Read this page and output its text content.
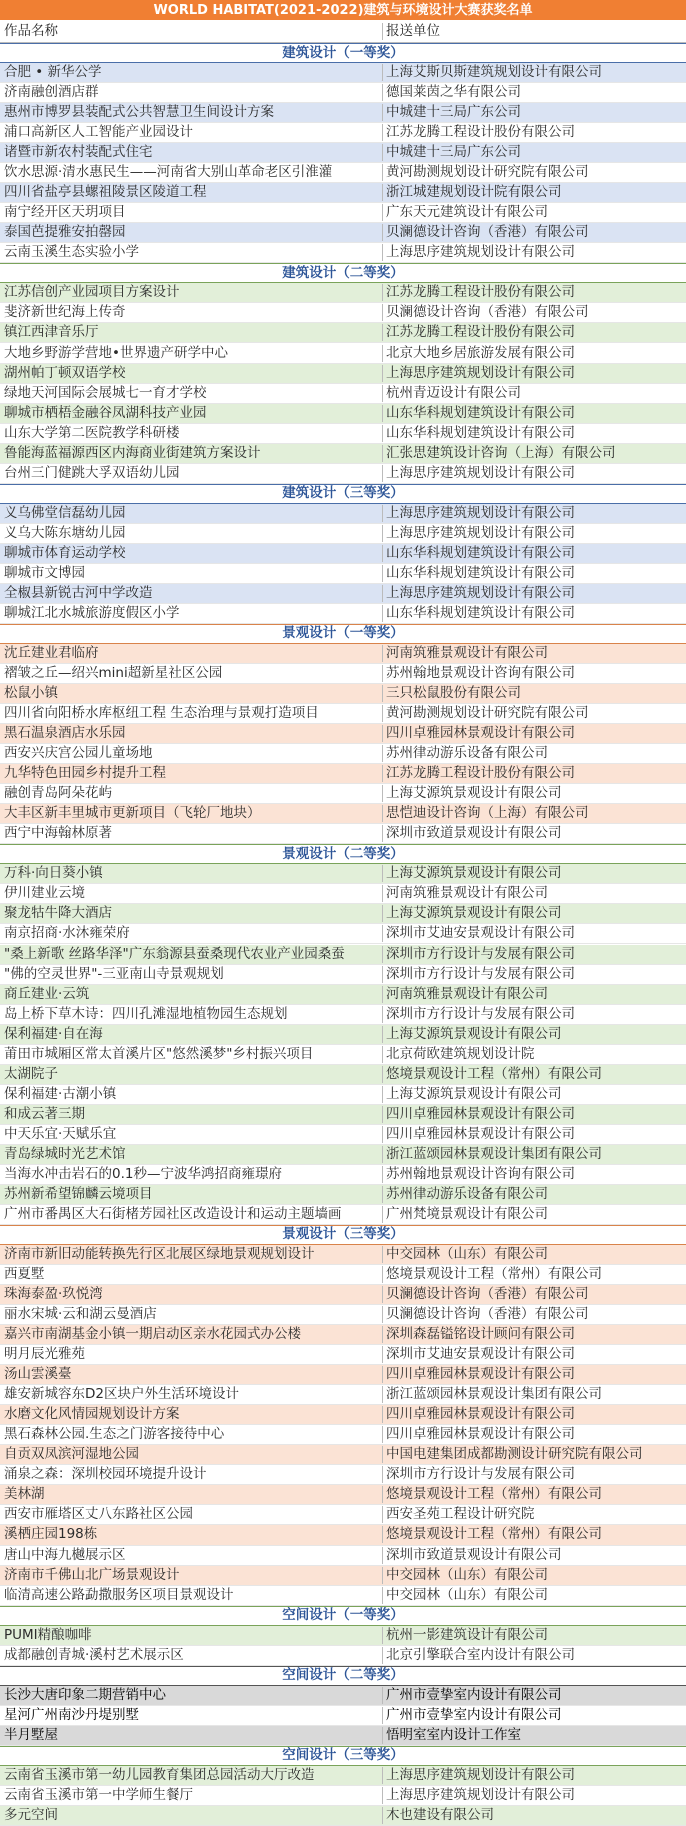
WORLD HABITAT(2021-2022)建筑与环境设计大赛获奖名单
作品名称	报送单位
建筑设计（一等奖）
合肥 • 新华公学	上海艾斯贝斯建筑规划设计有限公司
济南融创酒店群	德国莱茵之华有限公司
惠州市博罗县装配式公共智慧卫生间设计方案	中城建十三局广东公司
浦口高新区人工智能产业园设计	江苏龙腾工程设计股份有限公司
诸暨市新农村装配式住宅	中城建十三局广东公司
饮水思源·清水惠民生——河南省大别山革命老区引淮灌	黄河勘测规划设计研究院有限公司
四川省盐亭县螺祖陵景区陵道工程	浙江城建规划设计院有限公司
南宁经开区天玥项目	广东天元建筑设计有限公司
泰国芭提雅安拍罄园	贝澜德设计咨询（香港）有限公司
云南玉溪生态实验小学	上海思序建筑规划设计有限公司
建筑设计（二等奖）
江苏信创产业园项目方案设计	江苏龙腾工程设计股份有限公司
斐济新世纪海上传奇	贝澜德设计咨询（香港）有限公司
镇江西津音乐厅	江苏龙腾工程设计股份有限公司
大地乡野游学营地•世界遗产研学中心	北京大地乡居旅游发展有限公司
湖州帕丁顿双语学校	上海思序建筑规划设计有限公司
绿地天河国际会展城七一育才学校	杭州青迈设计有限公司
聊城市栖梧金融谷凤湖科技产业园	山东华科规划建筑设计有限公司
山东大学第二医院教学科研楼	山东华科规划建筑设计有限公司
鲁能海蓝福源西区内海商业街建筑方案设计	汇张思建筑设计咨询（上海）有限公司
台州三门健跳大孚双语幼儿园	上海思序建筑规划设计有限公司
建筑设计（三等奖）
义乌佛堂信磊幼儿园	上海思序建筑规划设计有限公司
义乌大陈东塘幼儿园	上海思序建筑规划设计有限公司
聊城市体育运动学校	山东华科规划建筑设计有限公司
聊城市文博园	山东华科规划建筑设计有限公司
全椒县新锐古河中学改造	上海思序建筑规划设计有限公司
聊城江北水城旅游度假区小学	山东华科规划建筑设计有限公司
景观设计（一等奖）
沈丘建业君临府	河南筑雅景观设计有限公司
褶皱之丘—绍兴mini超新星社区公园	苏州翰地景观设计咨询有限公司
松鼠小镇	三只松鼠股份有限公司
四川省向阳桥水库枢纽工程 生态治理与景观打造项目	黄河勘测规划设计研究院有限公司
黑石温泉酒店水乐园	四川卓雅园林景观设计有限公司
西安兴庆宫公园儿童场地	苏州律动游乐设备有限公司
九华特色田园乡村提升工程	江苏龙腾工程设计股份有限公司
融创青岛阿朵花屿	上海艾源筑景观设计有限公司
大丰区新丰里城市更新项目（飞轮厂地块）	思恺迪设计咨询（上海）有限公司
西宁中海翰林原著	深圳市致道景观设计有限公司
景观设计（二等奖）
万科·向日葵小镇	上海艾源筑景观设计有限公司
伊川建业云境	河南筑雅景观设计有限公司
聚龙牯牛降大酒店	上海艾源筑景观设计有限公司
南京招商·水沐雍荣府	深圳市艾迪安景观设计有限公司
"桑上新歌 丝路华泽"广东翁源县蚕桑现代农业产业园桑蚕	深圳市方行设计与发展有限公司
"佛的空灵世界"-三亚南山寺景观规划	深圳市方行设计与发展有限公司
商丘建业·云筑	河南筑雅景观设计有限公司
岛上桥下草木诗：四川孔滩湿地植物园生态规划	深圳市方行设计与发展有限公司
保利福建·自在海	上海艾源筑景观设计有限公司
莆田市城厢区常太首溪片区"悠然溪梦"乡村振兴项目	北京荷欧建筑规划设计院
太湖院子	悠境景观设计工程（常州）有限公司
保利福建·古潮小镇	上海艾源筑景观设计有限公司
和成云著三期	四川卓雅园林景观设计有限公司
中天乐宜·天赋乐宜	四川卓雅园林景观设计有限公司
青岛绿城时光艺术馆	浙江蓝颂园林景观设计集团有限公司
当海水冲击岩石的0.1秒—宁波华鸿招商雍璟府	苏州翰地景观设计咨询有限公司
苏州新希望锦麟云境项目	苏州律动游乐设备有限公司
广州市番禺区大石街楮芳园社区改造设计和运动主题墙画	广州梵境景观设计有限公司
景观设计（三等奖）
济南市新旧动能转换先行区北展区绿地景观规划设计	中交园林（山东）有限公司
西夏墅	悠境景观设计工程（常州）有限公司
珠海泰盈·玖悦湾	贝澜德设计咨询（香港）有限公司
丽水宋城·云和湖云曼酒店	贝澜德设计咨询（香港）有限公司
嘉兴市南湖基金小镇一期启动区亲水花园式办公楼	深圳森磊镒铭设计顾问有限公司
明月辰光雅苑	深圳市艾迪安景观设计有限公司
汤山雲溪臺	四川卓雅园林景观设计有限公司
雄安新城容东D2区块户外生活环境设计	浙江蓝颂园林景观设计集团有限公司
水磨文化风情园规划设计方案	四川卓雅园林景观设计有限公司
黑石森林公园.生态之门游客接待中心	四川卓雅园林景观设计有限公司
自贡双凤滨河湿地公园	中国电建集团成都勘测设计研究院有限公司
涌泉之森：深圳校园环境提升设计	深圳市方行设计与发展有限公司
美林湖	悠境景观设计工程（常州）有限公司
西安市雁塔区丈八东路社区公园	西安圣苑工程设计研究院
溪栖庄园198栋	悠境景观设计工程（常州）有限公司
唐山中海九樾展示区	深圳市致道景观设计有限公司
济南市千佛山北广场景观设计	中交园林（山东）有限公司
临清高速公路勐撒服务区项目景观设计	中交园林（山东）有限公司
空间设计（一等奖）
PUMI精酿咖啡	杭州一影建筑设计有限公司
成都融创青城·溪村艺术展示区	北京引擎联合室内设计有限公司
空间设计（二等奖）
长沙大唐印象二期营销中心	广州市壹挚室内设计有限公司
星河广州南沙丹堤别墅	广州市壹挚室内设计有限公司
半月墅屋	悟明室室内设计工作室
空间设计（三等奖）
云南省玉溪市第一幼儿园教育集团总园活动大厅改造	上海思序建筑规划设计有限公司
云南省玉溪市第一中学师生餐厅	上海思序建筑规划设计有限公司
多元空间	木也建设有限公司
